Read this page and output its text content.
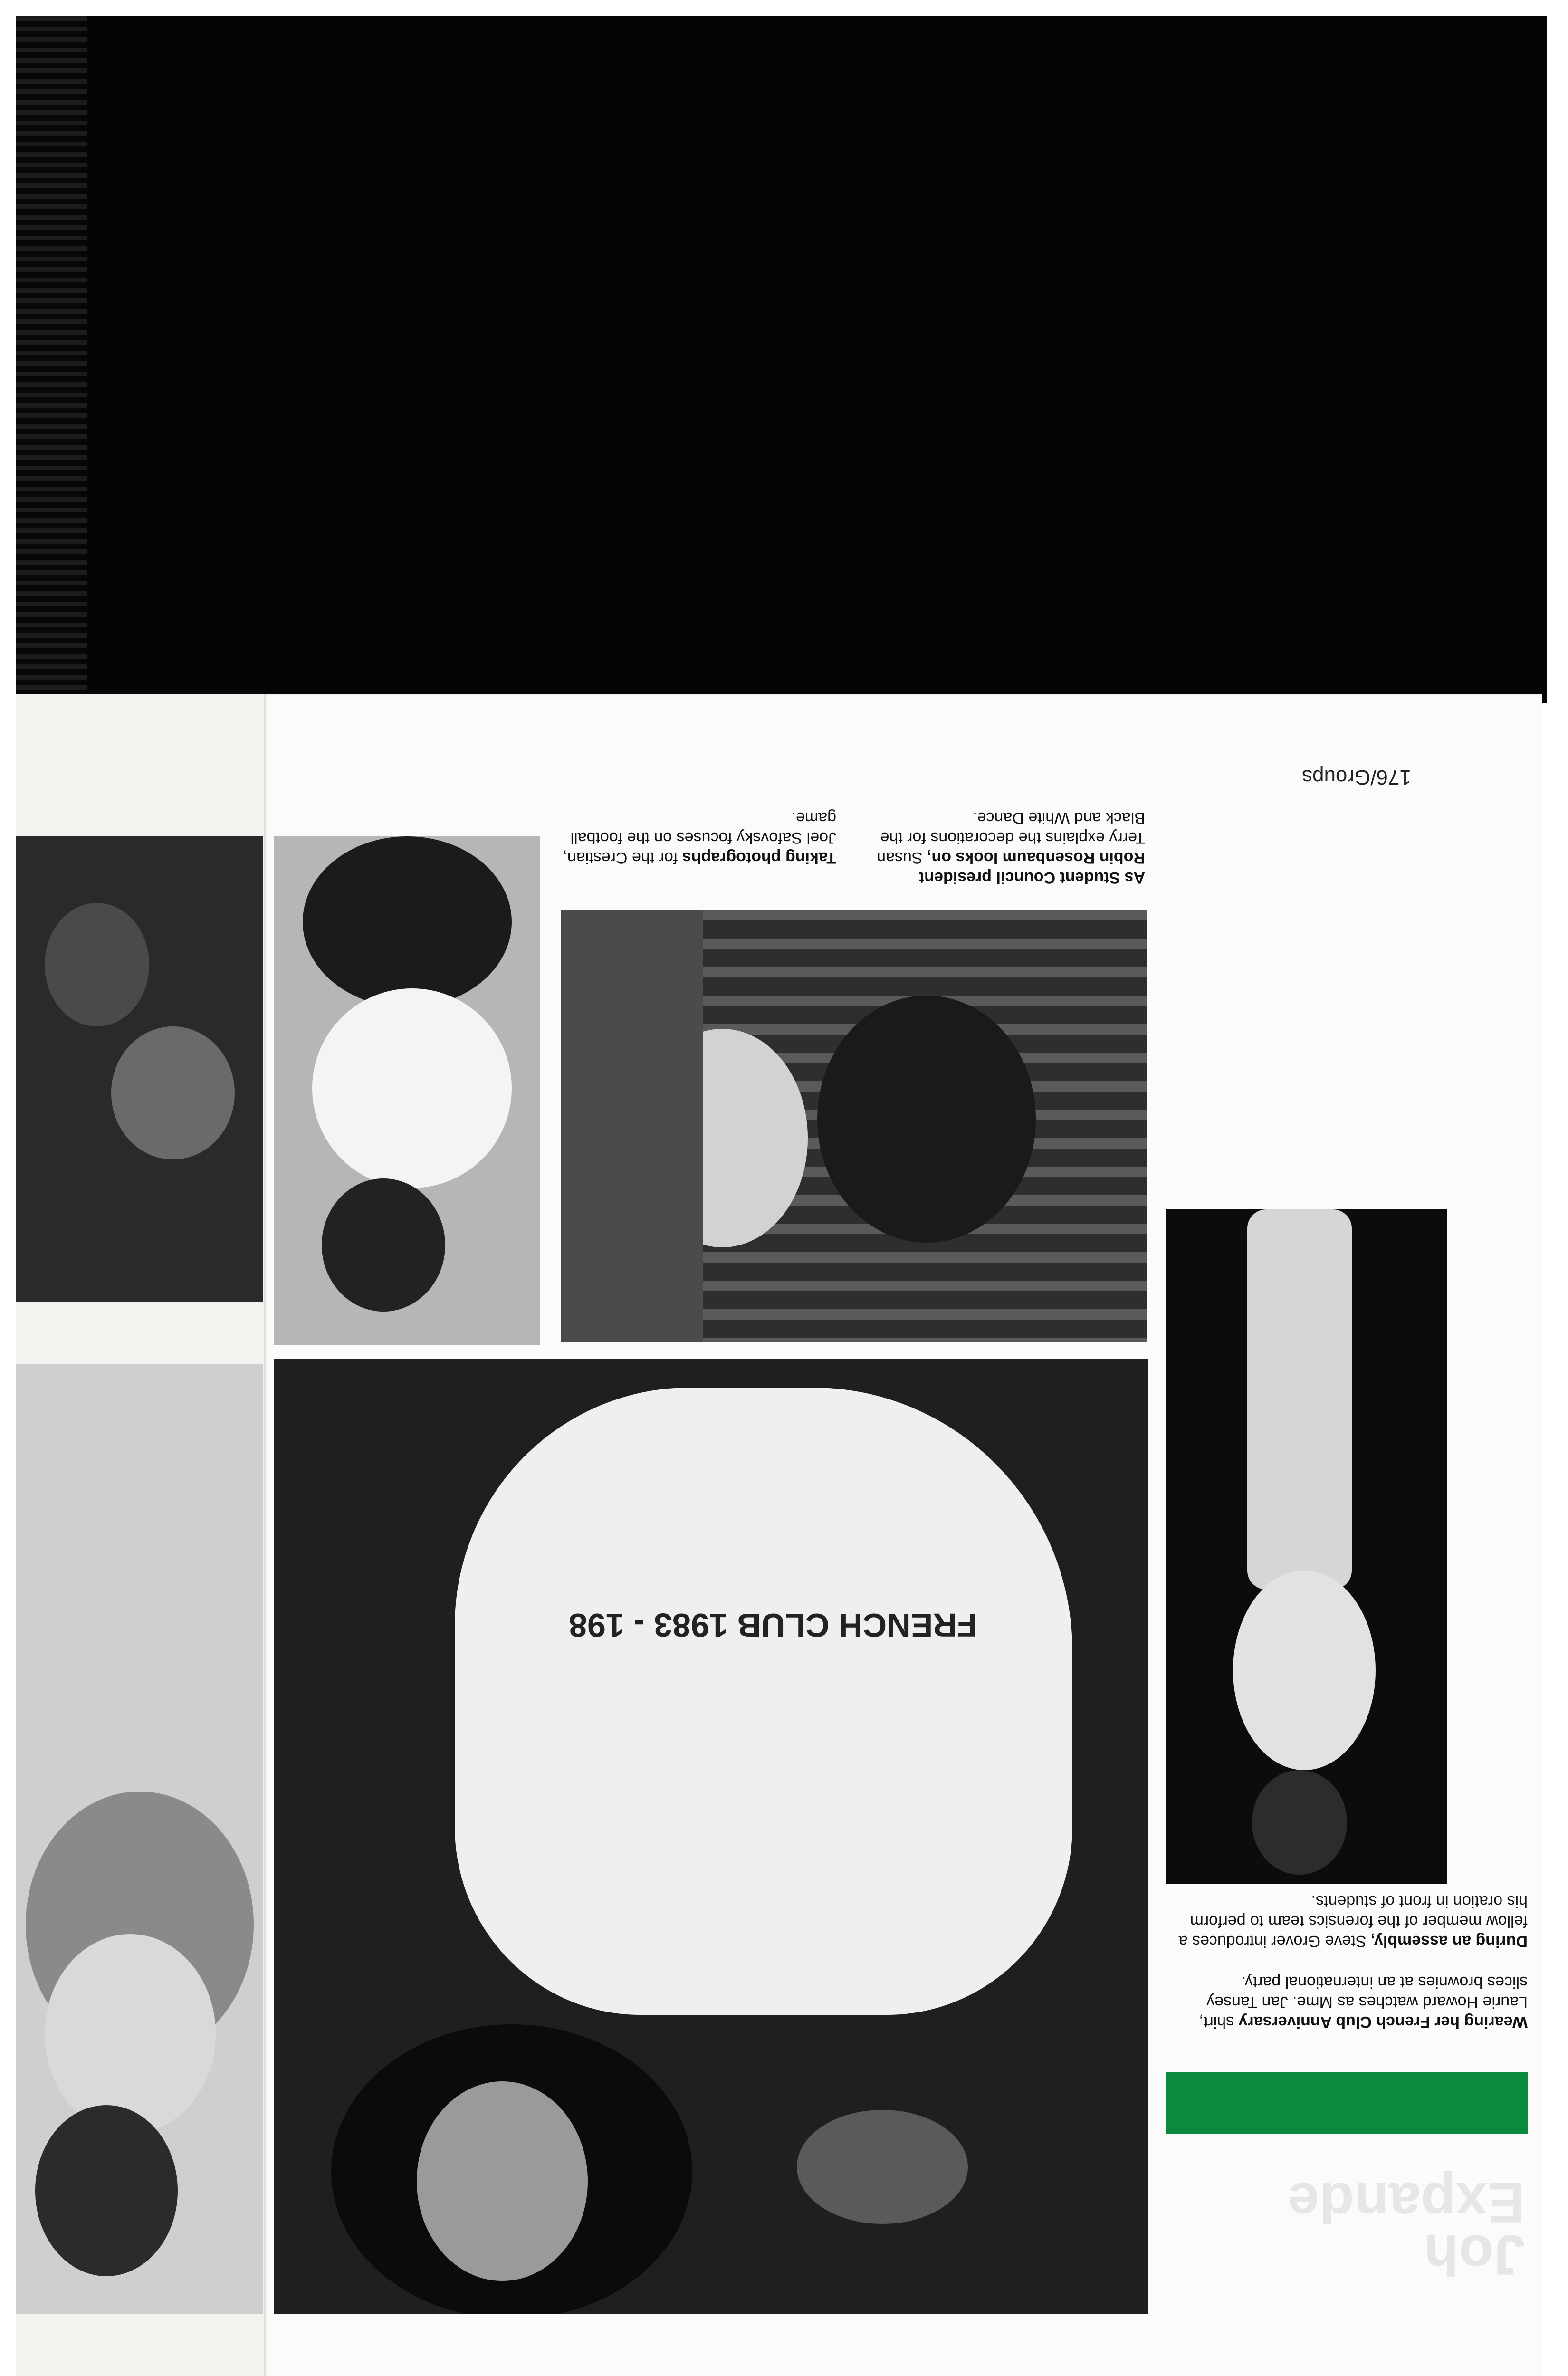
FRENCH CLUB 1983 - 198
Joh Expande
Wearing her French Club Anniversary shirt, Laurie Howard watches as Mme. Jan Tansey slices brownies at an international party.
During an assembly, Steve Grover introduces a fellow member of the forensics team to perform his oration in front of students.
As Student Council president Robin Rosenbaum looks on, Susan Terry explains the decorations for the Black and White Dance.
Taking photographs for the Crestian, Joel Safovsky focuses on the football game.
176/Groups
